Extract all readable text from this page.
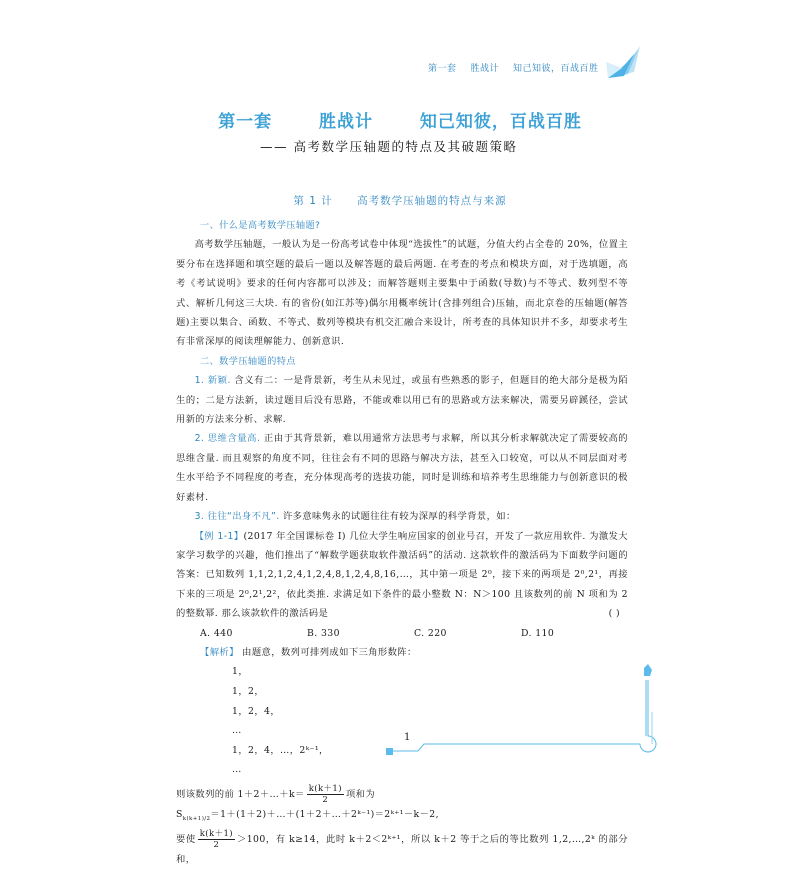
第一套 胜战计 知己知彼，百战百胜
第一套	胜战计	知己知彼，百战百胜
—— 高考数学压轴题的特点及其破题策略
第 1 计 高考数学压轴题的特点与来源

一、什么是高考数学压轴题?

高考数学压轴题，一般认为是一份高考试卷中体现“选拔性”的试题，分值大约占全卷的 20%，位置主要分布在选择题和填空题的最后一题以及解答题的最后两题. 在考查的考点和模块方面，对于选填题，高考《考试说明》要求的任何内容都可以涉及；而解答题则主要集中于函数(导数)与不等式、数列型不等式、解析几何这三大块. 有的省份(如江苏等)偶尔用概率统计(含排列组合)压轴，而北京卷的压轴题(解答题)主要以集合、函数、不等式、数列等模块有机交汇融合来设计，所考查的具体知识并不多，却要求考生有非常深厚的阅读理解能力、创新意识.

二、数学压轴题的特点

1. 新颖. 含义有二：一是背景新，考生从未见过，或虽有些熟悉的影子，但题目的绝大部分是极为陌生的；二是方法新，读过题目后没有思路，不能或难以用已有的思路或方法来解决，需要另辟蹊径，尝试用新的方法来分析、求解.

2. 思维含量高. 正由于其背景新，难以用通常方法思考与求解，所以其分析求解就决定了需要较高的思维含量. 而且观察的角度不同，往往会有不同的思路与解决方法，甚至入口较宽，可以从不同层面对考生水平给予不同程度的考查，充分体现高考的选拔功能，同时是训练和培养考生思维能力与创新意识的极好素材.

3. 往往“出身不凡”. 许多意味隽永的试题往往有较为深厚的科学背景，如：

【例 1-1】(2017 年全国课标卷 Ⅰ) 几位大学生响应国家的创业号召，开发了一款应用软件. 为激发大家学习数学的兴趣，他们推出了“解数学题获取软件激活码”的活动. 这款软件的激活码为下面数学问题的答案：已知数列 1,1,2,1,2,4,1,2,4,8,1,2,4,8,16,…，其中第一项是 2⁰，接下来的两项是 2⁰,2¹，再接下来的三项是 2⁰,2¹,2²，依此类推. 求满足如下条件的最小整数 N：N＞100 且该数列的前 N 项和为 2 的整数幂. 那么该款软件的激活码是	( )

A. 440	B. 330	C. 220	D. 110

【解析】 由题意，数列可排列成如下三角形数阵：

1，
1，2，
1，2，4，
…
1，2，4，…，2ᵏ⁻¹，
…

则该数列的前 1＋2＋…＋k＝ $\frac{k(k+1)}{2}$ 项和为

$S_{k(k+1)/2}=1+(1+2)+\dots+(1+2+\dots+2ᵏ^{-1})=2ᵏ^{+1}-k-2$,

要使 $\frac{k(k+1)}{2} >100$，有 k≥14，此时 k＋2＜2ᵏ⁺¹，所以 k＋2 等于之后的等比数列 1,2,…,2ᵏ 的部分和，

1
